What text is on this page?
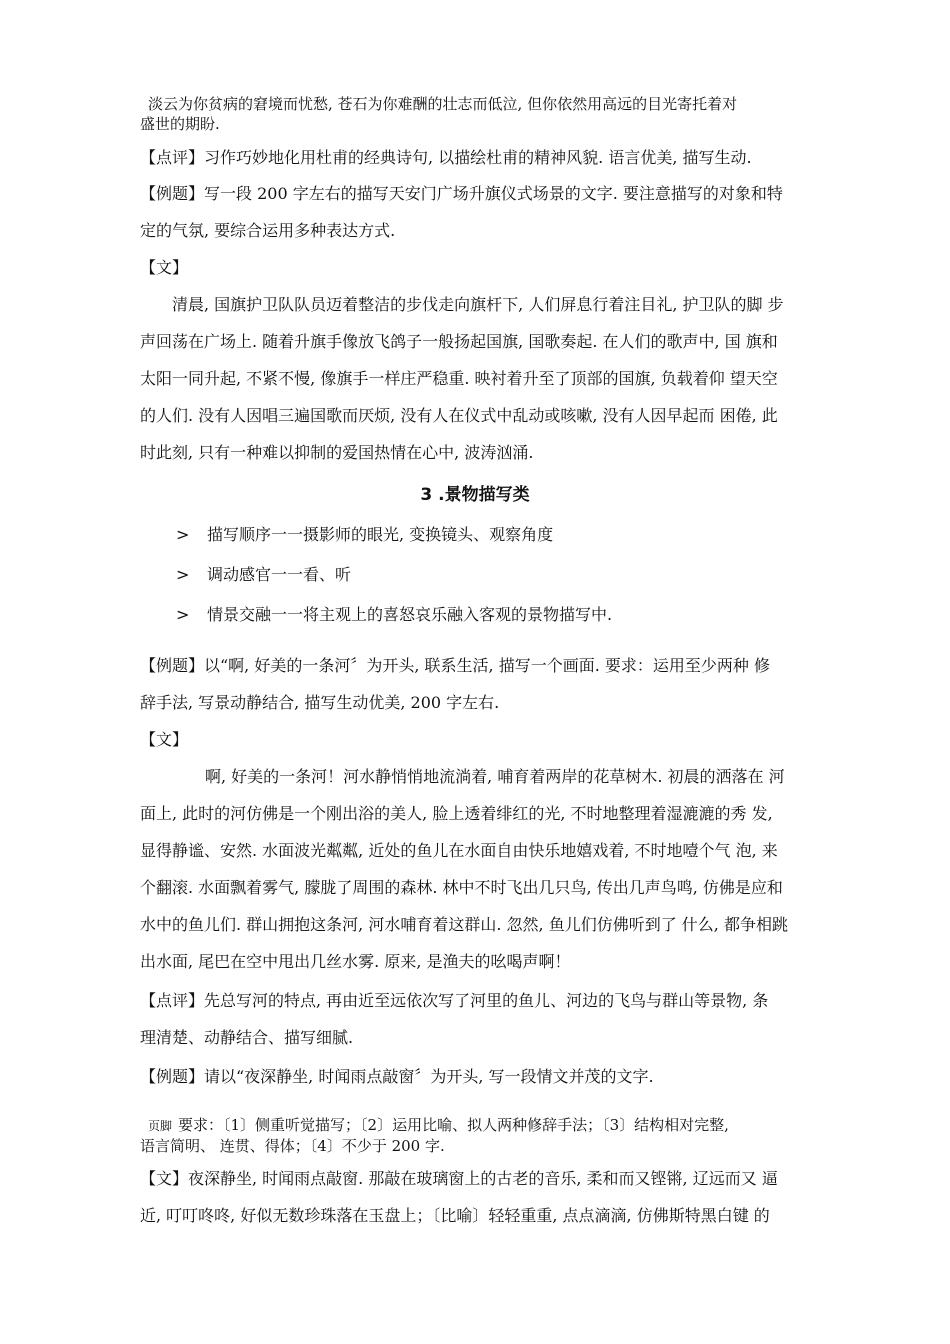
淡云为你贫病的窘境而忧愁, 苍石为你难酬的壮志而低泣, 但你依然用高远的目光寄托着对
盛世的期盼.
【点评】习作巧妙地化用杜甫的经典诗句, 以描绘杜甫的精神风貌. 语言优美, 描写生动.
【例题】写一段 200 字左右的描写天安门广场升旗仪式场景的文字. 要注意描写的对象和特
定的气氛, 要综合运用多种表达方式.
【文】
清晨, 国旗护卫队队员迈着整洁的步伐走向旗杆下, 人们屏息行着注目礼, 护卫队的脚 步
声回荡在广场上. 随着升旗手像放飞鸽子一般扬起国旗, 国歌奏起. 在人们的歌声中, 国 旗和
太阳一同升起, 不紧不慢, 像旗手一样庄严稳重. 映衬着升至了顶部的国旗, 负载着仰 望天空
的人们. 没有人因唱三遍国歌而厌烦, 没有人在仪式中乱动或咳嗽, 没有人因早起而 困倦, 此
时此刻, 只有一种难以抑制的爱国热情在心中, 波涛汹涌.
3 .景物描写类
> 描写顺序一一摄影师的眼光, 变换镜头、观察角度
> 调动感官一一看、听
> 情景交融一一将主观上的喜怒哀乐融入客观的景物描写中.
【例题】以“啊, 好美的一条河〞为开头, 联系生活, 描写一个画面. 要求：运用至少两种 修
辞手法, 写景动静结合, 描写生动优美, 200 字左右.
【文】
啊, 好美的一条河！河水静悄悄地流淌着, 哺育着两岸的花草树木. 初晨的洒落在 河
面上, 此时的河仿佛是一个刚出浴的美人, 脸上透着绯红的光, 不时地整理着湿漉漉的秀 发,
显得静谧、安然. 水面波光粼粼, 近处的鱼儿在水面自由快乐地嬉戏着, 不时地噎个气 泡, 来
个翻滚. 水面飘着雾气, 朦胧了周围的森林. 林中不时飞出几只鸟, 传出几声鸟鸣, 仿佛是应和
水中的鱼儿们. 群山拥抱这条河, 河水哺育着这群山. 忽然, 鱼儿们仿佛听到了 什么, 都争相跳
出水面, 尾巴在空中甩出几丝水雾. 原来, 是渔夫的吆喝声啊！
【点评】先总写河的特点, 再由近至远依次写了河里的鱼儿、河边的飞鸟与群山等景物, 条
理清楚、动静结合、描写细腻.
【例题】请以“夜深静坐, 时闻雨点敲窗〞为开头, 写一段情文并茂的文字.
页脚 要求：〔1〕侧重听觉描写；〔2〕运用比喻、拟人两种修辞手法；〔3〕结构相对完整,
语言简明、 连贯、得体；〔4〕不少于 200 字.
【文】夜深静坐, 时闻雨点敲窗. 那敲在玻璃窗上的古老的音乐, 柔和而又铿锵, 辽远而又 逼
近, 叮叮咚咚, 好似无数珍珠落在玉盘上；〔比喻〕轻轻重重, 点点滴滴, 仿佛斯特黑白键 的
